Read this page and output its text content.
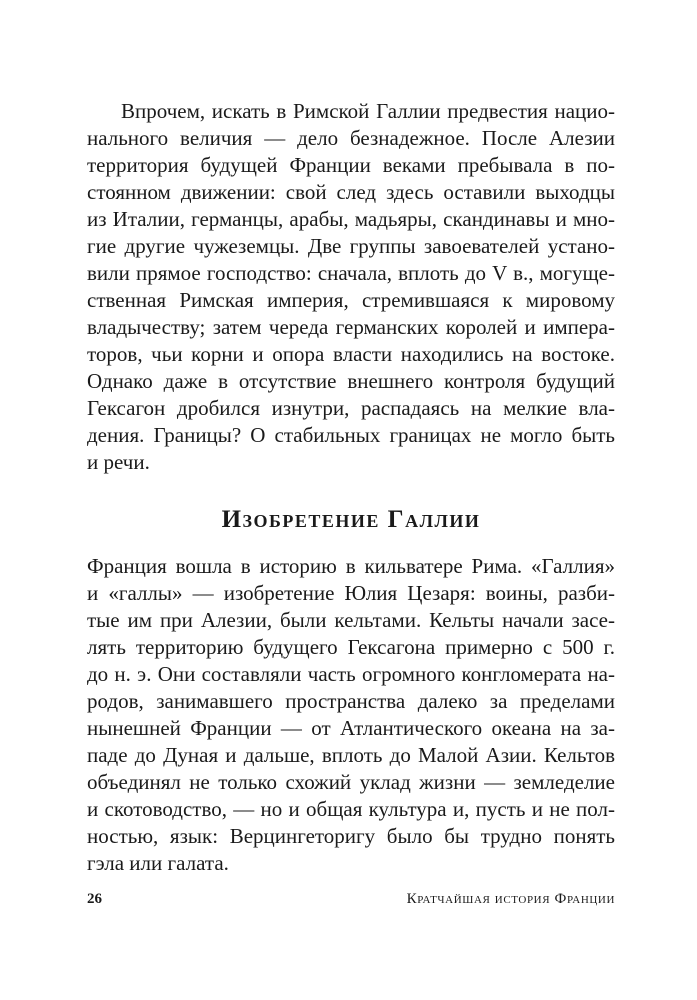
Впрочем, искать в Римской Галлии предвестия нацио-
нального величия — дело безнадежное. После Алезии
территория будущей Франции веками пребывала в по-
стоянном движении: свой след здесь оставили выходцы
из Италии, германцы, арабы, мадьяры, скандинавы и мно-
гие другие чужеземцы. Две группы завоевателей устано-
вили прямое господство: сначала, вплоть до V в., могуще-
ственная Римская империя, стремившаяся к мировому
владычеству; затем череда германских королей и импера-
торов, чьи корни и опора власти находились на востоке.
Однако даже в отсутствие внешнего контроля будущий
Гексагон дробился изнутри, распадаясь на мелкие вла-
дения. Границы? О стабильных границах не могло быть
и речи.
Изобретение Галлии
Франция вошла в историю в кильватере Рима. «Галлия»
и «галлы» — изобретение Юлия Цезаря: воины, разби-
тые им при Алезии, были кельтами. Кельты начали засе-
лять территорию будущего Гексагона примерно с 500 г.
до н. э. Они составляли часть огромного конгломерата на-
родов, занимавшего пространства далеко за пределами
нынешней Франции — от Атлантического океана на за-
паде до Дуная и дальше, вплоть до Малой Азии. Кельтов
объединял не только схожий уклад жизни — земледелие
и скотоводство, — но и общая культура и, пусть и не пол-
ностью, язык: Верцингеторигу было бы трудно понять
гэла или галата.
26	Кратчайшая история Франции
